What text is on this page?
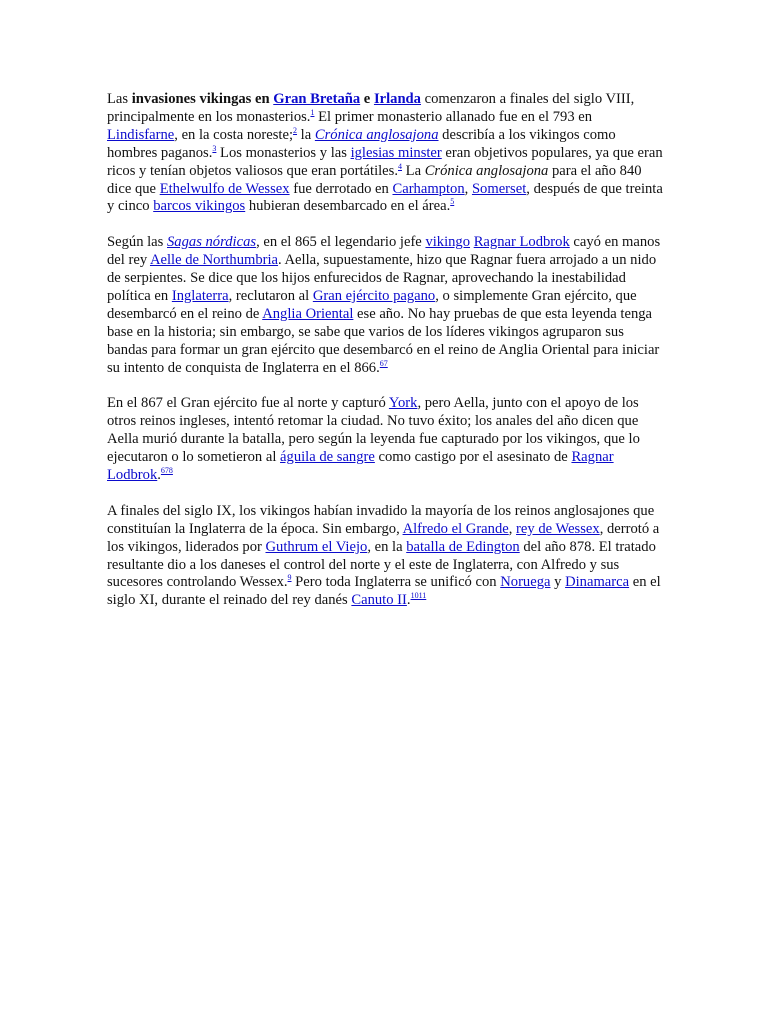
Las invasiones vikingas en Gran Bretaña e Irlanda comenzaron a finales del siglo VIII, principalmente en los monasterios.$^1$ El primer monasterio allanado fue en el 793 en Lindisfarne, en la costa noreste;$^2$ la Crónica anglosajona describía a los vikingos como hombres paganos.$^3$ Los monasterios y las iglesias minster eran objetivos populares, ya que eran ricos y tenían objetos valiosos que eran portátiles.$^4$ La Crónica anglosajona para el año 840 dice que Ethelwulfo de Wessex fue derrotado en Carhampton, Somerset, después de que treinta y cinco barcos vikingos hubieran desembarcado en el área.$^5$

Según las Sagas nórdicas, en el 865 el legendario jefe vikingo Ragnar Lodbrok cayó en manos del rey Aelle de Northumbria. Aella, supuestamente, hizo que Ragnar fuera arrojado a un nido de serpientes. Se dice que los hijos enfurecidos de Ragnar, aprovechando la inestabilidad política en Inglaterra, reclutaron al Gran ejército pagano, o simplemente Gran ejército, que desembarcó en el reino de Anglia Oriental ese año. No hay pruebas de que esta leyenda tenga base en la historia; sin embargo, se sabe que varios de los líderes vikingos agruparon sus bandas para formar un gran ejército que desembarcó en el reino de Anglia Oriental para iniciar su intento de conquista de Inglaterra en el 866.67

En el 867 el Gran ejército fue al norte y capturó York, pero Aella, junto con el apoyo de los otros reinos ingleses, intentó retomar la ciudad. No tuvo éxito; los anales del año dicen que Aella murió durante la batalla, pero según la leyenda fue capturado por los vikingos, que lo ejecutaron o lo sometieron al águila de sangre como castigo por el asesinato de Ragnar Lodbrok.$^{678}$

A finales del siglo IX, los vikingos habían invadido la mayoría de los reinos anglosajones que constituían la Inglaterra de la época. Sin embargo, Alfredo el Grande, rey de Wessex, derrotó a los vikingos, liderados por Guthrum el Viejo, en la batalla de Edington del año 878. El tratado resultante dio a los daneses el control del norte y el este de Inglaterra, con Alfredo y sus sucesores controlando Wessex.$^9$ Pero toda Inglaterra se unificó con Noruega y Dinamarca en el siglo XI, durante el reinado del rey danés Canuto II.$^{1011}$
